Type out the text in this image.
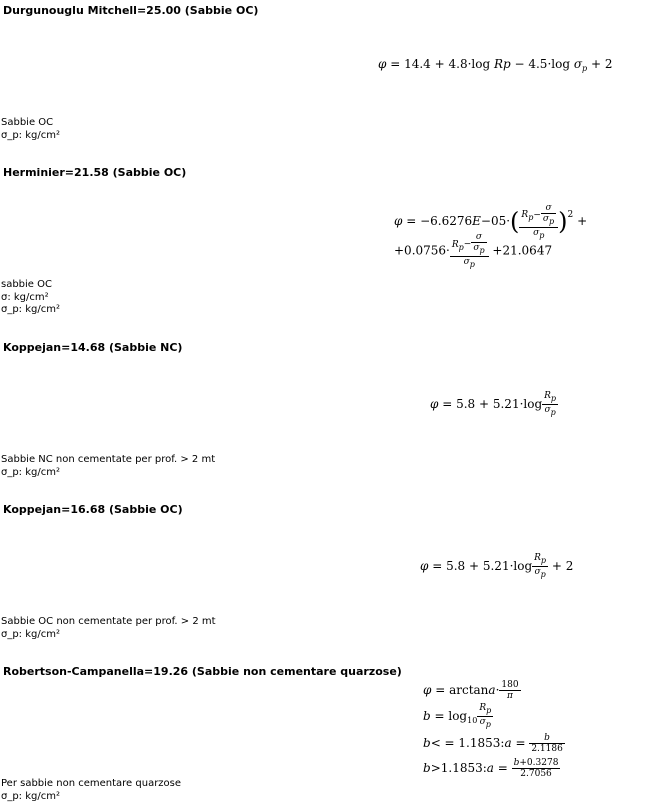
Durgunouglu Mitchell=25.00 (Sabbie OC)
φ = 14.4 + 4.8·log Rp − 4.5·log $\sigma_p + 2$
Sabbie OC
σ_p: kg/cm²
Herminier=21.58 (Sabbie OC)
$\varphi = -6.6276E-05\cdot( \frac{Rp- \frac{\sigma}{\sigma p}}{\sigma p} )^2$ +
$+0.0756\cdot \frac{Rp- \frac{\sigma}{\sigma p}}{\sigma p} +21.0647$
sabbie OC
σ: kg/cm²
σ_p: kg/cm²
Koppejan=14.68 (Sabbie NC)
$\varphi = 5.8 + 5.21\cdot\log \frac{Rp}{\sigma p}$
Sabbie NC non cementate per prof. > 2 mt
σ_p: kg/cm²
Koppejan=16.68 (Sabbie OC)
$\varphi = 5.8 + 5.21\cdot\log \frac{Rp}{\sigma p} + 2$
Sabbie OC non cementate per prof. > 2 mt
σ_p: kg/cm²
Robertson-Campanella=19.26 (Sabbie non cementare quarzose)
$\varphi = \arctan a\cdot \frac{180}{\pi}$
$b = \log_{10} \frac{Rp}{\sigma p}$
b< = 1.1853:a = $\frac{b}{2.1186}$
b>1.1853:a = $\frac{b+0.3278}{2.7056}$
Per sabbie non cementare quarzose
σ_p: kg/cm²
